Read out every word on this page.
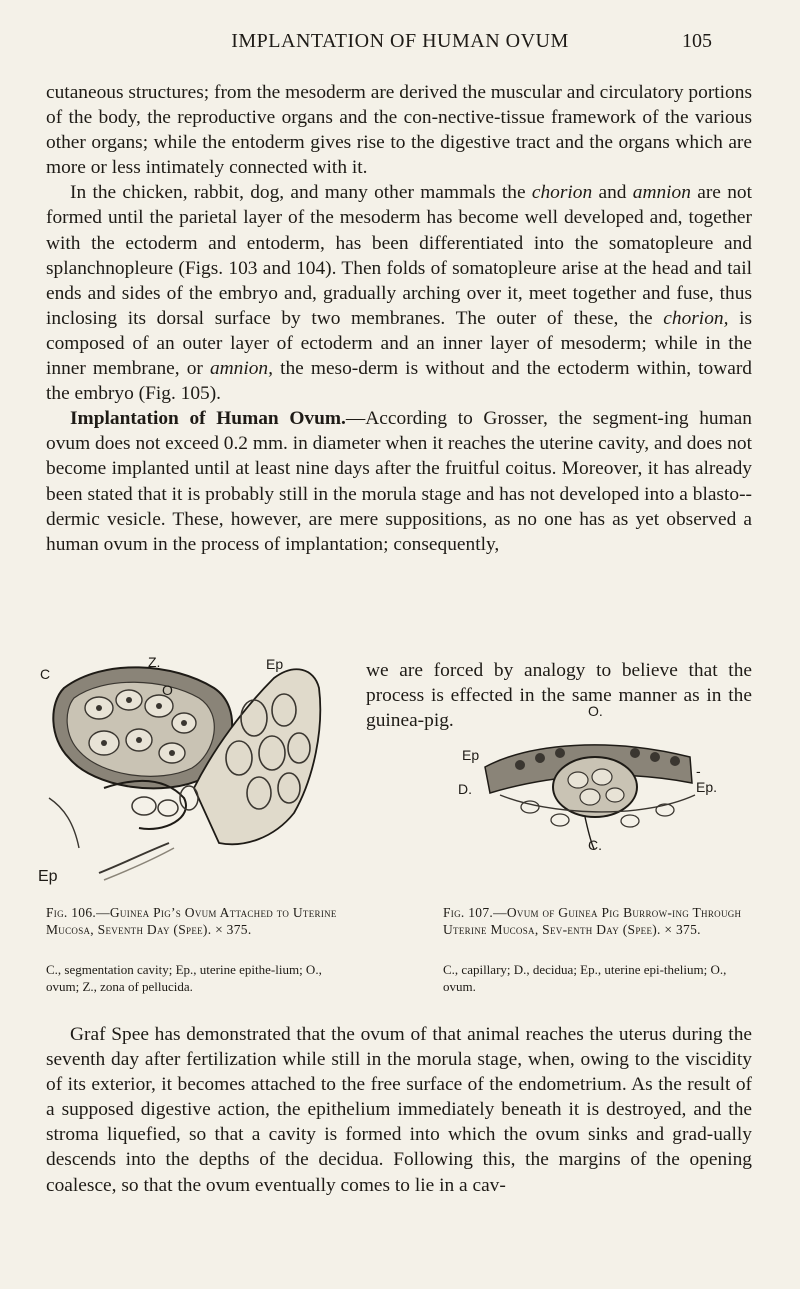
IMPLANTATION OF HUMAN OVUM	105

cutaneous structures; from the mesoderm are derived the muscular and circulatory portions of the body, the reproductive organs and the con-nective-tissue framework of the various other organs; while the entoderm gives rise to the digestive tract and the organs which are more or less intimately connected with it.

In the chicken, rabbit, dog, and many other mammals the chorion and amnion are not formed until the parietal layer of the mesoderm has become well developed and, together with the ectoderm and entoderm, has been differentiated into the somatopleure and splanchnopleure (Figs. 103 and 104). Then folds of somatopleure arise at the head and tail ends and sides of the embryo and, gradually arching over it, meet together and fuse, thus inclosing its dorsal surface by two membranes. The outer of these, the chorion, is composed of an outer layer of ectoderm and an inner layer of mesoderm; while in the inner membrane, or amnion, the meso-derm is without and the ectoderm within, toward the embryo (Fig. 105).

Implantation of Human Ovum.—According to Grosser, the segment-ing human ovum does not exceed 0.2 mm. in diameter when it reaches the uterine cavity, and does not become implanted until at least nine days after the fruitful coitus. Moreover, it has already been stated that it is probably still in the morula stage and has not developed into a blasto-dermic vesicle. These, however, are mere suppositions, as no one has as yet observed a human ovum in the process of implantation; consequently,

we are forced by analogy to believe that the process is effected in the same manner as in the guinea-pig.
C
Z.
O
Ep
Ep
O.
Ep
D.
-Ep.
C.
Fig. 106.—Guinea Pig’s Ovum Attached to Uterine Mucosa, Seventh Day (Spee). × 375.
C., segmentation cavity; Ep., uterine epithe-lium; O., ovum; Z., zona of pellucida.
Fig. 107.—Ovum of Guinea Pig Burrow-ing Through Uterine Mucosa, Sev-enth Day (Spee). × 375.
C., capillary; D., decidua; Ep., uterine epi-thelium; O., ovum.

Graf Spee has demonstrated that the ovum of that animal reaches the uterus during the seventh day after fertilization while still in the morula stage, when, owing to the viscidity of its exterior, it becomes attached to the free surface of the endometrium. As the result of a supposed digestive action, the epithelium immediately beneath it is destroyed, and the stroma liquefied, so that a cavity is formed into which the ovum sinks and grad-ually descends into the depths of the decidua. Following this, the margins of the opening coalesce, so that the ovum eventually comes to lie in a cav-
